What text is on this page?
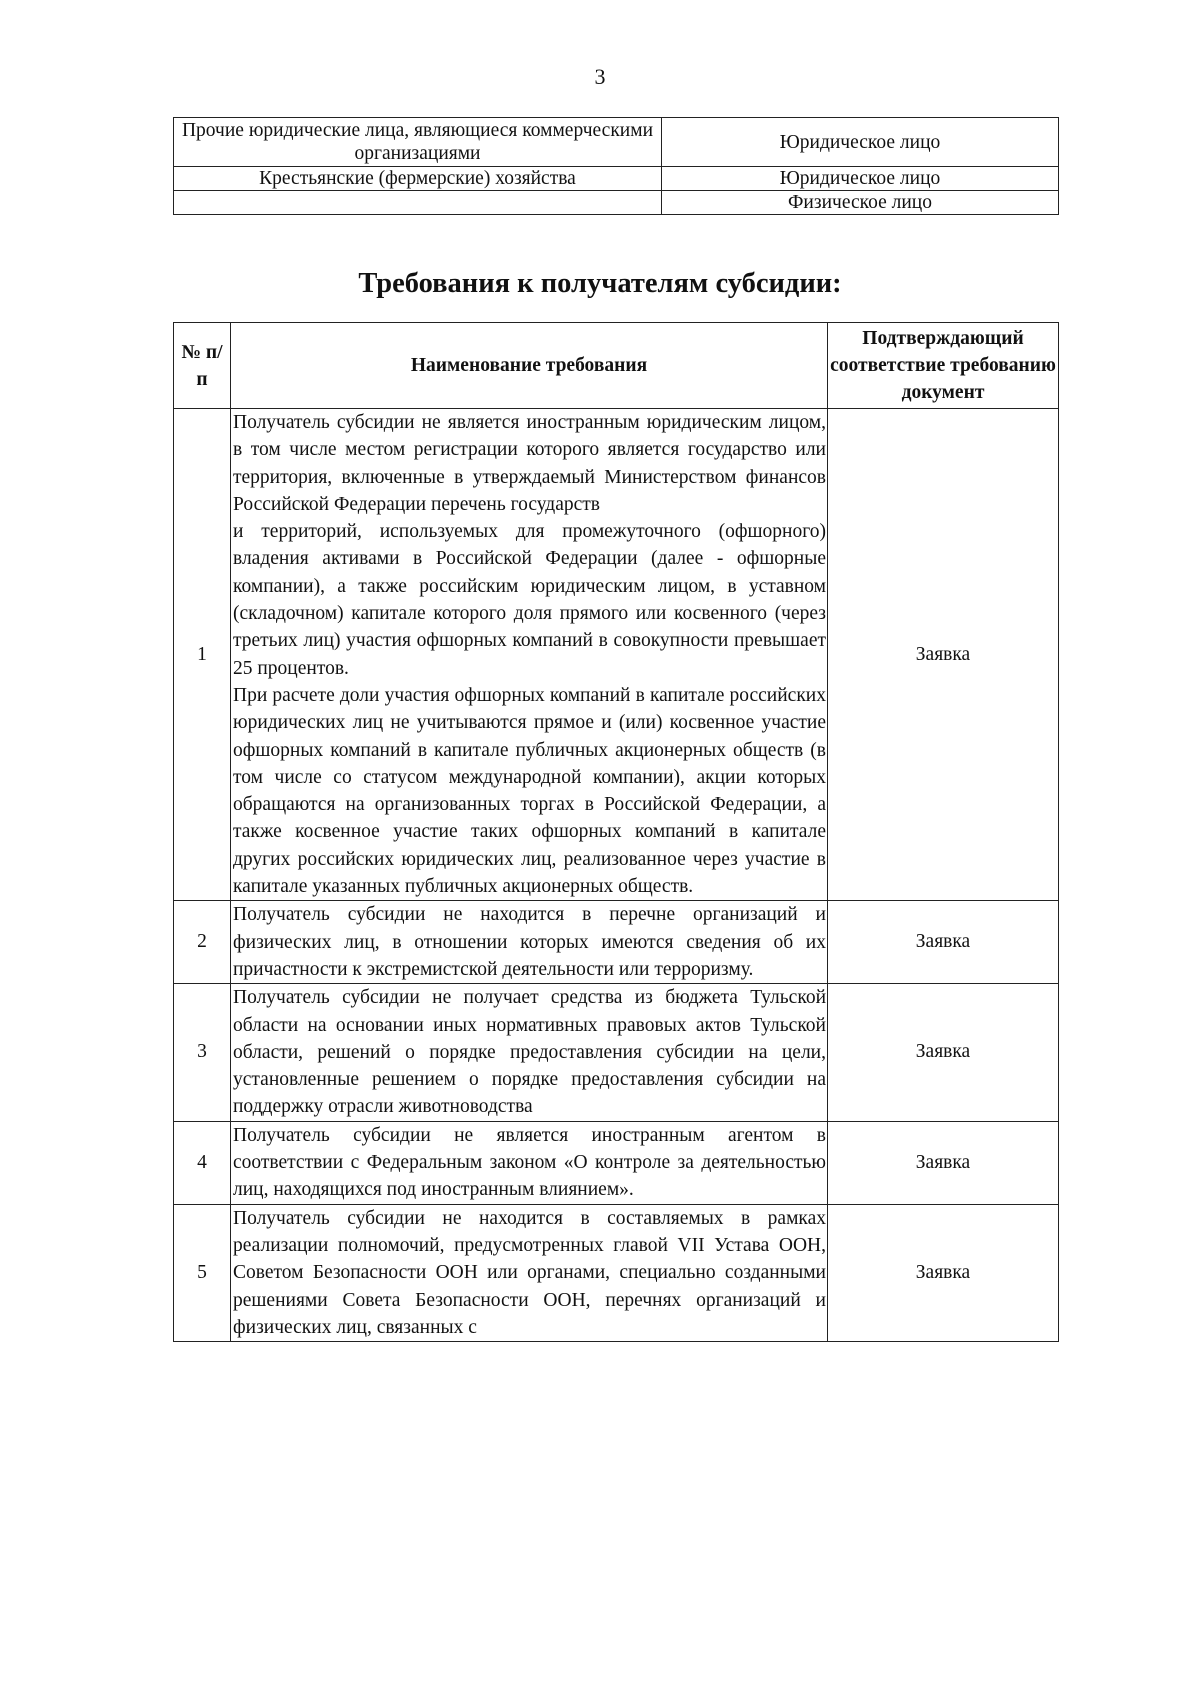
3
Прочие юридические лица, являющиеся коммерческими организациями	Юридическое лицо
Крестьянские (фермерские) хозяйства	Юридическое лицо
	Физическое лицо
Требования к получателям субсидии:
№ п/п	Наименование требования	Подтверждающий соответствие требованию документ
1	Получатель субсидии не является иностранным юридическим лицом, в том числе местом регистрации которого является государство или территория, включенные в утверждаемый Министерством финансов Российской Федерации перечень государств
и территорий, используемых для промежуточного (офшорного) владения активами в Российской Федерации (далее - офшорные компании), а также российским юридическим лицом, в уставном (складочном) капитале которого доля прямого или косвенного (через третьих лиц) участия офшорных компаний в совокупности превышает 25 процентов.
При расчете доли участия офшорных компаний в капитале российских юридических лиц не учитываются прямое и (или) косвенное участие офшорных компаний в капитале публичных акционерных обществ (в том числе со статусом международной компании), акции которых обращаются на организованных торгах в Российской Федерации, а также косвенное участие таких офшорных компаний в капитале других российских юридических лиц, реализованное через участие в капитале указанных публичных акционерных обществ.	Заявка
2	Получатель субсидии не находится в перечне организаций и физических лиц, в отношении которых имеются сведения об их причастности к экстремистской деятельности или терроризму.	Заявка
3	Получатель субсидии не получает средства из бюджета Тульской области на основании иных нормативных правовых актов Тульской области, решений о порядке предоставления субсидии на цели, установленные решением о порядке предоставления субсидии на поддержку отрасли животноводства	Заявка
4	Получатель субсидии не является иностранным агентом в соответствии с Федеральным законом «О контроле за деятельностью лиц, находящихся под иностранным влиянием».	Заявка
5	Получатель субсидии не находится в составляемых в рамках реализации полномочий, предусмотренных главой VII Устава ООН, Советом Безопасности ООН или органами, специально созданными решениями Совета Безопасности ООН, перечнях организаций и физических лиц, связанных с	Заявка
